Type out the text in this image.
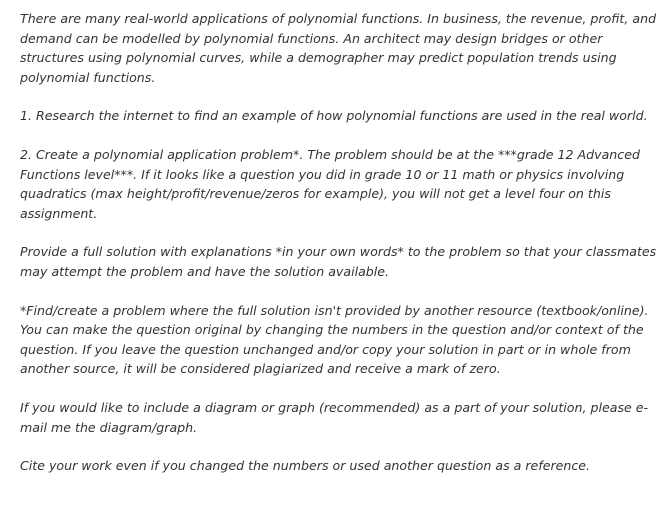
There are many real-world applications of polynomial functions. In business, the revenue, profit, and demand can be modelled by polynomial functions. An architect may design bridges or other structures using polynomial curves, while a demographer may predict population trends using polynomial functions.

1. Research the internet to find an example of how polynomial functions are used in the real world.

2. Create a polynomial application problem*. The problem should be at the ***grade 12 Advanced Functions level***. If it looks like a question you did in grade 10 or 11 math or physics involving quadratics (max height/profit/revenue/zeros for example), you will not get a level four on this assignment.

Provide a full solution with explanations *in your own words* to the problem so that your classmates may attempt the problem and have the solution available.

*Find/create a problem where the full solution isn't provided by another resource (textbook/online). You can make the question original by changing the numbers in the question and/or context of the question. If you leave the question unchanged and/or copy your solution in part or in whole from another source, it will be considered plagiarized and receive a mark of zero.

If you would like to include a diagram or graph (recommended) as a part of your solution, please e-mail me the diagram/graph.

Cite your work even if you changed the numbers or used another question as a reference.
